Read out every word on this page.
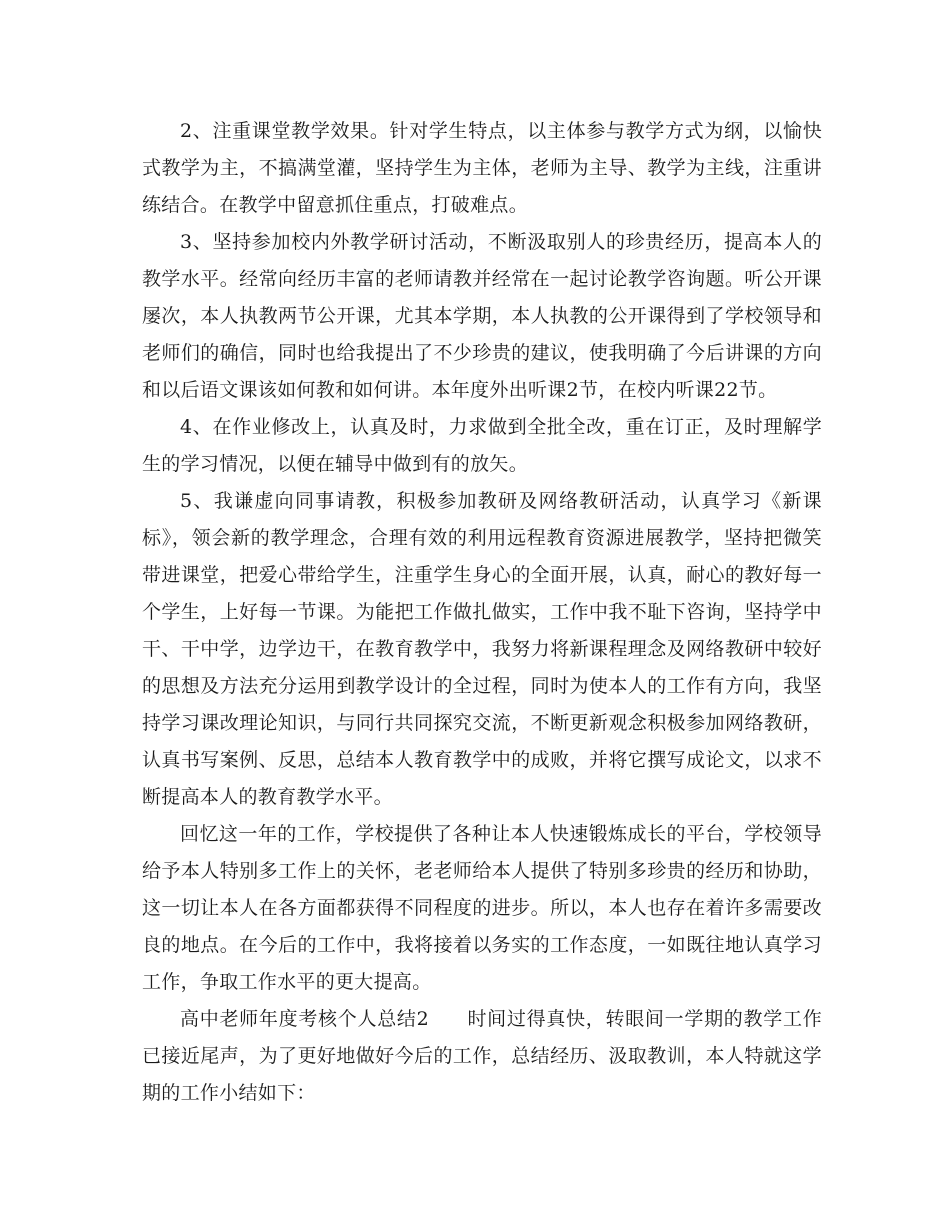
2、注重课堂教学效果。针对学生特点，以主体参与教学方式为纲，以愉快式教学为主，不搞满堂灌，坚持学生为主体，老师为主导、教学为主线，注重讲练结合。在教学中留意抓住重点，打破难点。

3、坚持参加校内外教学研讨活动，不断汲取别人的珍贵经历，提高本人的教学水平。经常向经历丰富的老师请教并经常在一起讨论教学咨询题。听公开课屡次，本人执教两节公开课，尤其本学期，本人执教的公开课得到了学校领导和老师们的确信，同时也给我提出了不少珍贵的建议，使我明确了今后讲课的方向和以后语文课该如何教和如何讲。本年度外出听课2节，在校内听课22节。

4、在作业修改上，认真及时，力求做到全批全改，重在订正，及时理解学生的学习情况，以便在辅导中做到有的放矢。

5、我谦虚向同事请教，积极参加教研及网络教研活动，认真学习《新课标》，领会新的教学理念，合理有效的利用远程教育资源进展教学，坚持把微笑带进课堂，把爱心带给学生，注重学生身心的全面开展，认真，耐心的教好每一个学生，上好每一节课。为能把工作做扎做实，工作中我不耻下咨询，坚持学中干、干中学，边学边干，在教育教学中，我努力将新课程理念及网络教研中较好的思想及方法充分运用到教学设计的全过程，同时为使本人的工作有方向，我坚持学习课改理论知识，与同行共同探究交流，不断更新观念积极参加网络教研，认真书写案例、反思，总结本人教育教学中的成败，并将它撰写成论文，以求不断提高本人的教育教学水平。

回忆这一年的工作，学校提供了各种让本人快速锻炼成长的平台，学校领导给予本人特别多工作上的关怀，老老师给本人提供了特别多珍贵的经历和协助，这一切让本人在各方面都获得不同程度的进步。所以，本人也存在着许多需要改良的地点。在今后的工作中，我将接着以务实的工作态度，一如既往地认真学习工作，争取工作水平的更大提高。

高中老师年度考核个人总结2 时间过得真快，转眼间一学期的教学工作已接近尾声，为了更好地做好今后的工作，总结经历、汲取教训，本人特就这学期的工作小结如下：
